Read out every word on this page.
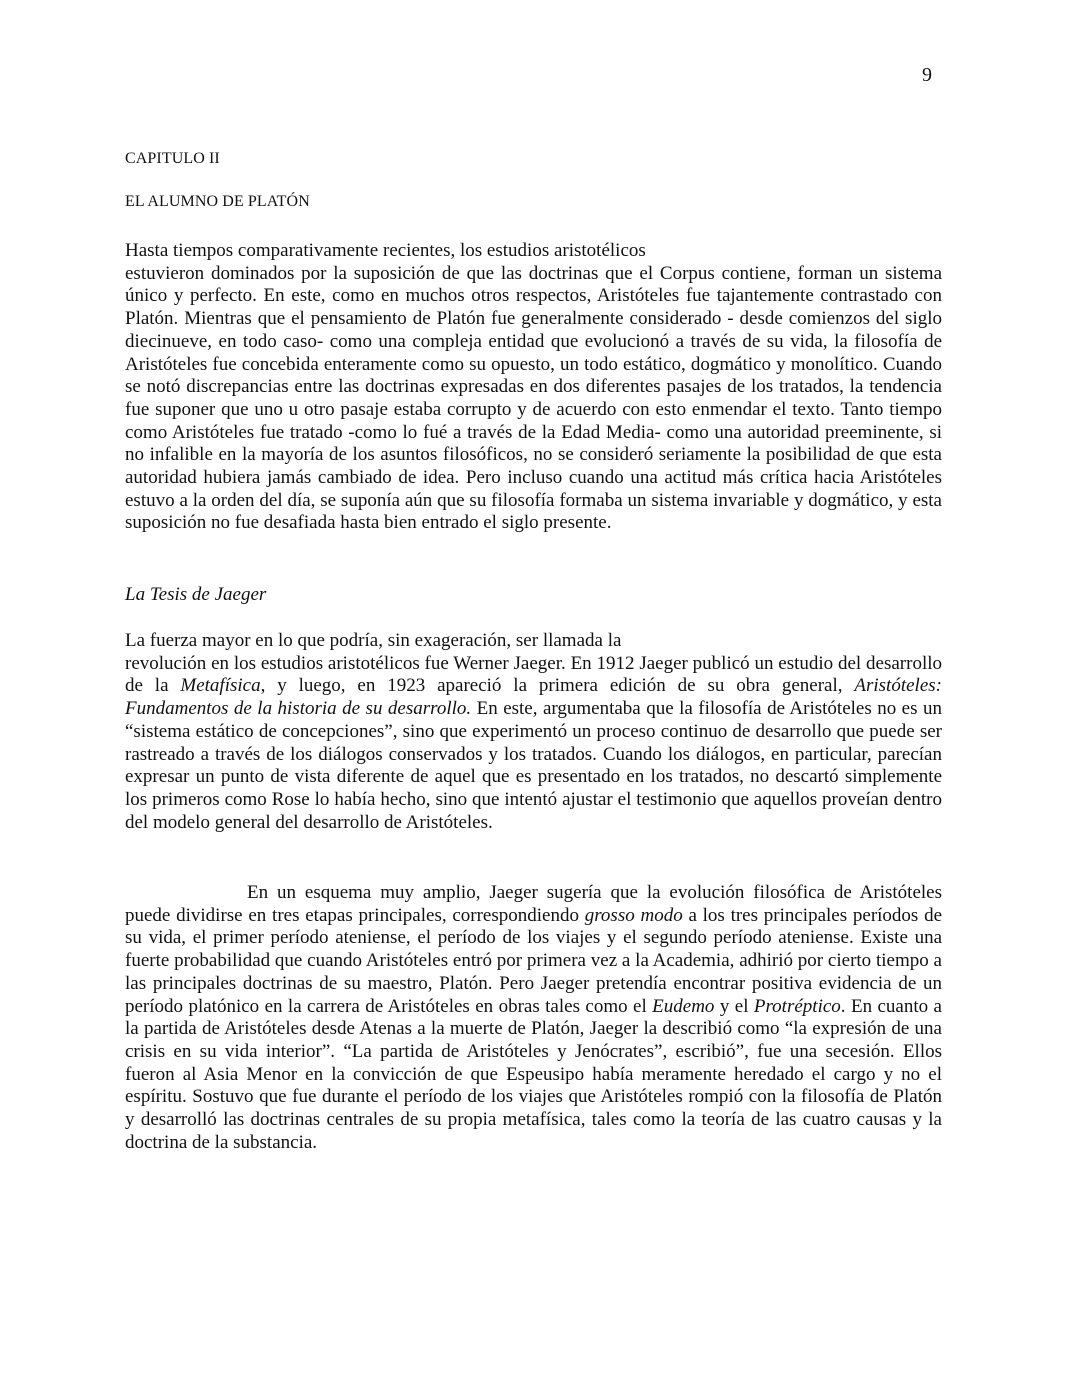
9
CAPITULO II
EL ALUMNO DE PLATÓN
Hasta tiempos comparativamente recientes, los estudios aristotélicos
estuvieron dominados por la suposición de que las doctrinas que el Corpus contiene, forman un sistema único y perfecto. En este, como en muchos otros respectos, Aristóteles fue tajantemente contrastado con Platón. Mientras que el pensamiento de Platón fue generalmente considerado - desde comienzos del siglo diecinueve, en todo caso- como una compleja entidad que evolucionó a través de su vida, la filosofía de Aristóteles fue concebida enteramente como su opuesto, un todo estático, dogmático y monolítico. Cuando se notó discrepancias entre las doctrinas expresadas en dos diferentes pasajes de los tratados, la tendencia fue suponer que uno u otro pasaje estaba corrupto y de acuerdo con esto enmendar el texto. Tanto tiempo como Aristóteles fue tratado -como lo fué a través de la Edad Media- como una autoridad preeminente, si no infalible en la mayoría de los asuntos filosóficos, no se consideró seriamente la posibilidad de que esta autoridad hubiera jamás cambiado de idea. Pero incluso cuando una actitud más crítica hacia Aristóteles estuvo a la orden del día, se suponía aún que su filosofía formaba un sistema invariable y dogmático, y esta suposición no fue desafiada hasta bien entrado el siglo presente.
La Tesis de Jaeger
La fuerza mayor en lo que podría, sin exageración, ser llamada la
revolución en los estudios aristotélicos fue Werner Jaeger. En 1912 Jaeger publicó un estudio del desarrollo de la Metafísica, y luego, en 1923 apareció la primera edición de su obra general, Aristóteles: Fundamentos de la historia de su desarrollo. En este, argumentaba que la filosofía de Aristóteles no es un “sistema estático de concepciones”, sino que experimentó un proceso continuo de desarrollo que puede ser rastreado a través de los diálogos conservados y los tratados. Cuando los diálogos, en particular, parecían expresar un punto de vista diferente de aquel que es presentado en los tratados, no descartó simplemente los primeros como Rose lo había hecho, sino que intentó ajustar el testimonio que aquellos proveían dentro del modelo general del desarrollo de Aristóteles.
En un esquema muy amplio, Jaeger sugería que la evolución filosófica de Aristóteles puede dividirse en tres etapas principales, correspondiendo grosso modo a los tres principales períodos de su vida, el primer período ateniense, el período de los viajes y el segundo período ateniense. Existe una fuerte probabilidad que cuando Aristóteles entró por primera vez a la Academia, adhirió por cierto tiempo a las principales doctrinas de su maestro, Platón. Pero Jaeger pretendía encontrar positiva evidencia de un período platónico en la carrera de Aristóteles en obras tales como el Eudemo y el Protréptico. En cuanto a la partida de Aristóteles desde Atenas a la muerte de Platón, Jaeger la describió como “la expresión de una crisis en su vida interior”. “La partida de Aristóteles y Jenócrates”, escribió”, fue una secesión. Ellos fueron al Asia Menor en la convicción de que Espeusipo había meramente heredado el cargo y no el espíritu. Sostuvo que fue durante el período de los viajes que Aristóteles rompió con la filosofía de Platón y desarrolló las doctrinas centrales de su propia metafísica, tales como la teoría de las cuatro causas y la doctrina de la substancia.
